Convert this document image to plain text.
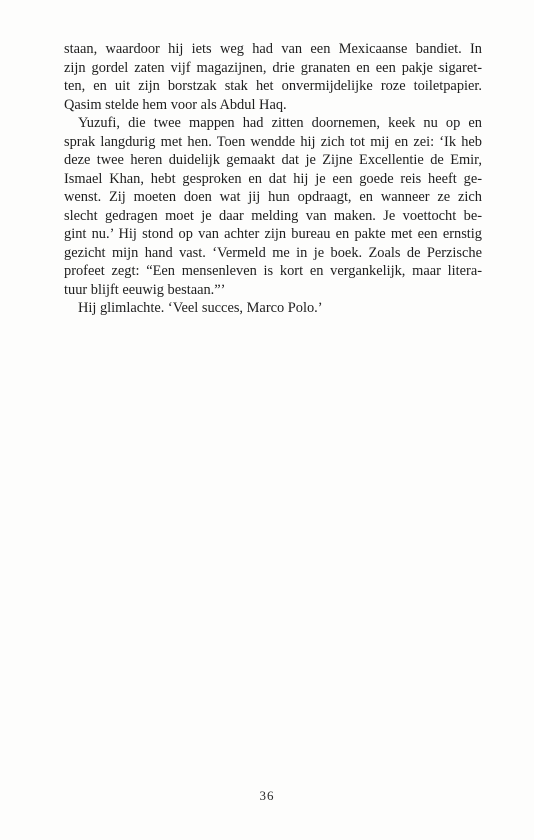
staan, waardoor hij iets weg had van een Mexicaanse bandiet. In
zijn gordel zaten vijf magazijnen, drie granaten en een pakje sigaret-
ten, en uit zijn borstzak stak het onvermijdelijke roze toiletpapier.
Qasim stelde hem voor als Abdul Haq.
Yuzufi, die twee mappen had zitten doornemen, keek nu op en
sprak langdurig met hen. Toen wendde hij zich tot mij en zei: ‘Ik heb
deze twee heren duidelijk gemaakt dat je Zijne Excellentie de Emir,
Ismael Khan, hebt gesproken en dat hij je een goede reis heeft ge-
wenst. Zij moeten doen wat jij hun opdraagt, en wanneer ze zich
slecht gedragen moet je daar melding van maken. Je voettocht be-
gint nu.’ Hij stond op van achter zijn bureau en pakte met een ernstig
gezicht mijn hand vast. ‘Vermeld me in je boek. Zoals de Perzische
profeet zegt: “Een mensenleven is kort en vergankelijk, maar litera-
tuur blijft eeuwig bestaan.”’
Hij glimlachte. ‘Veel succes, Marco Polo.’
36
